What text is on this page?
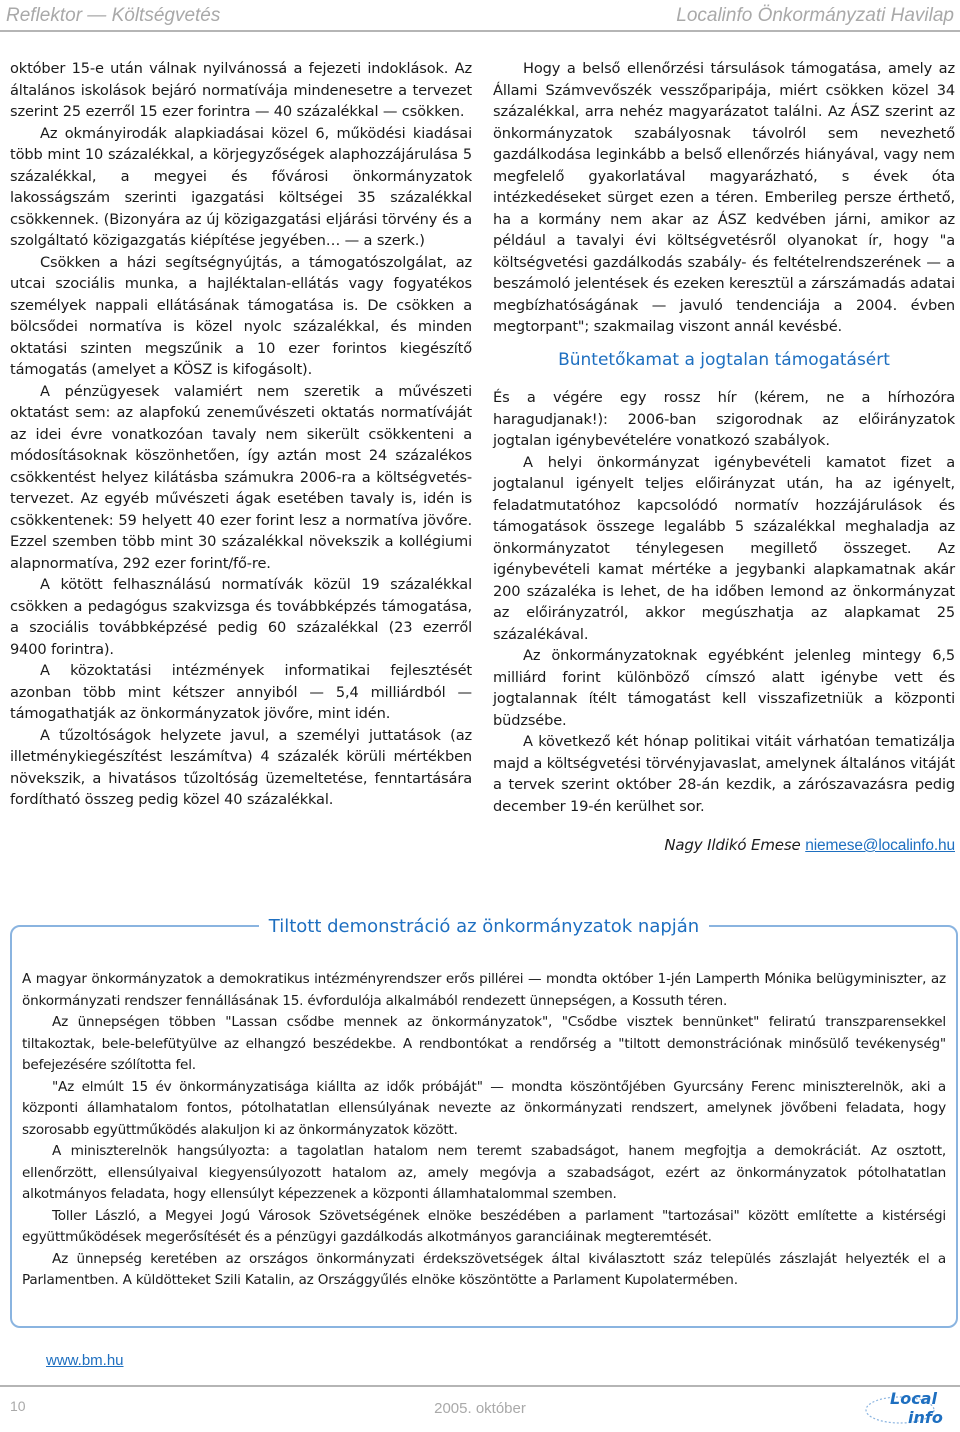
Reflektor — Költségvetés	Localinfo Önkormányzati Havilap

október 15-e után válnak nyilvánossá a fejezeti indoklások. Az általános iskolások bejáró normatívája mindenesetre a tervezet szerint 25 ezerről 15 ezer forintra — 40 százalékkal — csökken.

Az okmányirodák alapkiadásai közel 6, működési kiadásai több mint 10 százalékkal, a körjegyzőségek alaphozzájárulása 5 százalékkal, a megyei és fővárosi önkormányzatok lakosságszám szerinti igazgatási költségei 35 százalékkal csökkennek. (Bizonyára az új közigazgatási eljárási törvény és a szolgáltató közigazgatás kiépítése jegyében… — a szerk.)

Csökken a házi segítségnyújtás, a támogatószolgálat, az utcai szociális munka, a hajléktalan-ellátás vagy fogyatékos személyek nappali ellátásának támogatása is. De csökken a bölcsődei normatíva is közel nyolc százalékkal, és minden oktatási szinten megszűnik a 10 ezer forintos kiegészítő támogatás (amelyet a KÖSZ is kifogásolt).

A pénzügyesek valamiért nem szeretik a művészeti oktatást sem: az alapfokú zeneművészeti oktatás normatíváját az idei évre vonatkozóan tavaly nem sikerült csökkenteni a módosításoknak köszönhetően, így aztán most 24 százalékos csökkentést helyez kilátásba számukra 2006-ra a költségvetés-tervezet. Az egyéb művészeti ágak esetében tavaly is, idén is csökkentenek: 59 helyett 40 ezer forint lesz a normatíva jövőre. Ezzel szemben több mint 30 százalékkal növekszik a kollégiumi alapnormatíva, 292 ezer forint/fő-re.

A kötött felhasználású normatívák közül 19 százalékkal csökken a pedagógus szakvizsga és továbbképzés támogatása, a szociális továbbképzésé pedig 60 százalékkal (23 ezerről 9400 forintra).

A közoktatási intézmények informatikai fejlesztését azonban több mint kétszer annyiból — 5,4 milliárdból — támogathatják az önkormányzatok jövőre, mint idén.

A tűzoltóságok helyzete javul, a személyi juttatások (az illetménykiegészítést leszámítva) 4 százalék körüli mértékben növekszik, a hivatásos tűzoltóság üzemeltetése, fenntartására fordítható összeg pedig közel 40 százalékkal.

Hogy a belső ellenőrzési társulások támogatása, amely az Állami Számvevőszék vesszőparipája, miért csökken közel 34 százalékkal, arra nehéz magyarázatot találni. Az ÁSZ szerint az önkormányzatok szabályosnak távolról sem nevezhető gazdálkodása leginkább a belső ellenőrzés hiányával, vagy nem megfelelő gyakorlatával magyarázható, s évek óta intézkedéseket sürget ezen a téren. Emberileg persze érthető, ha a kormány nem akar az ÁSZ kedvében járni, amikor az például a tavalyi évi költségvetésről olyanokat ír, hogy "a költségvetési gazdálkodás szabály- és feltételrendszerének — a beszámoló jelentések és ezeken keresztül a zárszámadás adatai megbízhatóságának — javuló tendenciája a 2004. évben megtorpant"; szakmailag viszont annál kevésbé.

Büntetőkamat a jogtalan támogatásért

És a végére egy rossz hír (kérem, ne a hírhozóra haragudjanak!): 2006-ban szigorodnak az előirányzatok jogtalan igénybevételére vonatkozó szabályok.

A helyi önkormányzat igénybevételi kamatot fizet a jogtalanul igényelt teljes előirányzat után, ha az igényelt, feladatmutatóhoz kapcsolódó normatív hozzájárulások és támogatások összege legalább 5 százalékkal meghaladja az önkormányzatot ténylegesen megillető összeget. Az igénybevételi kamat mértéke a jegybanki alapkamatnak akár 200 százaléka is lehet, de ha időben lemond az önkormányzat az előirányzatról, akkor megúszhatja az alapkamat 25 százalékával.

Az önkormányzatoknak egyébként jelenleg mintegy 6,5 milliárd forint különböző címszó alatt igénybe vett és jogtalannak ítélt támogatást kell visszafizetniük a központi büdzsébe.

A következő két hónap politikai vitáit várhatóan tematizálja majd a költségvetési törvényjavaslat, amelynek általános vitáját a tervek szerint október 28-án kezdik, a zárószavazásra pedig december 19-én kerülhet sor.

Nagy Ildikó Emese niemese@localinfo.hu
Tiltott demonstráció az önkormányzatok napján

A magyar önkormányzatok a demokratikus intézményrendszer erős pillérei — mondta október 1-jén Lamperth Mónika belügyminiszter, az önkormányzati rendszer fennállásának 15. évfordulója alkalmából rendezett ünnepségen, a Kossuth téren.

Az ünnepségen többen "Lassan csődbe mennek az önkormányzatok", "Csődbe visztek bennünket" feliratú transzparensekkel tiltakoztak, bele-belefütyülve az elhangzó beszédekbe. A rendbontókat a rendőrség a "tiltott demonstrációnak minősülő tevékenység" befejezésére szólította fel.

"Az elmúlt 15 év önkormányzatisága kiállta az idők próbáját" — mondta köszöntőjében Gyurcsány Ferenc miniszterelnök, aki a központi államhatalom fontos, pótolhatatlan ellensúlyának nevezte az önkormányzati rendszert, amelynek jövőbeni feladata, hogy szorosabb együttműködés alakuljon ki az önkormányzatok között.

A miniszterelnök hangsúlyozta: a tagolatlan hatalom nem teremt szabadságot, hanem megfojtja a demokráciát. Az osztott, ellenőrzött, ellensúlyaival kiegyensúlyozott hatalom az, amely megóvja a szabadságot, ezért az önkormányzatok pótolhatatlan alkotmányos feladata, hogy ellensúlyt képezzenek a központi államhatalommal szemben.

Toller László, a Megyei Jogú Városok Szövetségének elnöke beszédében a parlament "tartozásai" között említette a kistérségi együttműködések megerősítését és a pénzügyi gazdálkodás alkotmányos garanciáinak megteremtését.

Az ünnepség keretében az országos önkormányzati érdekszövetségek által kiválasztott száz település zászlaját helyezték el a Parlamentben. A küldötteket Szili Katalin, az Országgyűlés elnöke köszöntötte a Parlament Kupolatermében.

www.bm.hu
10	2005. október
Local
info
